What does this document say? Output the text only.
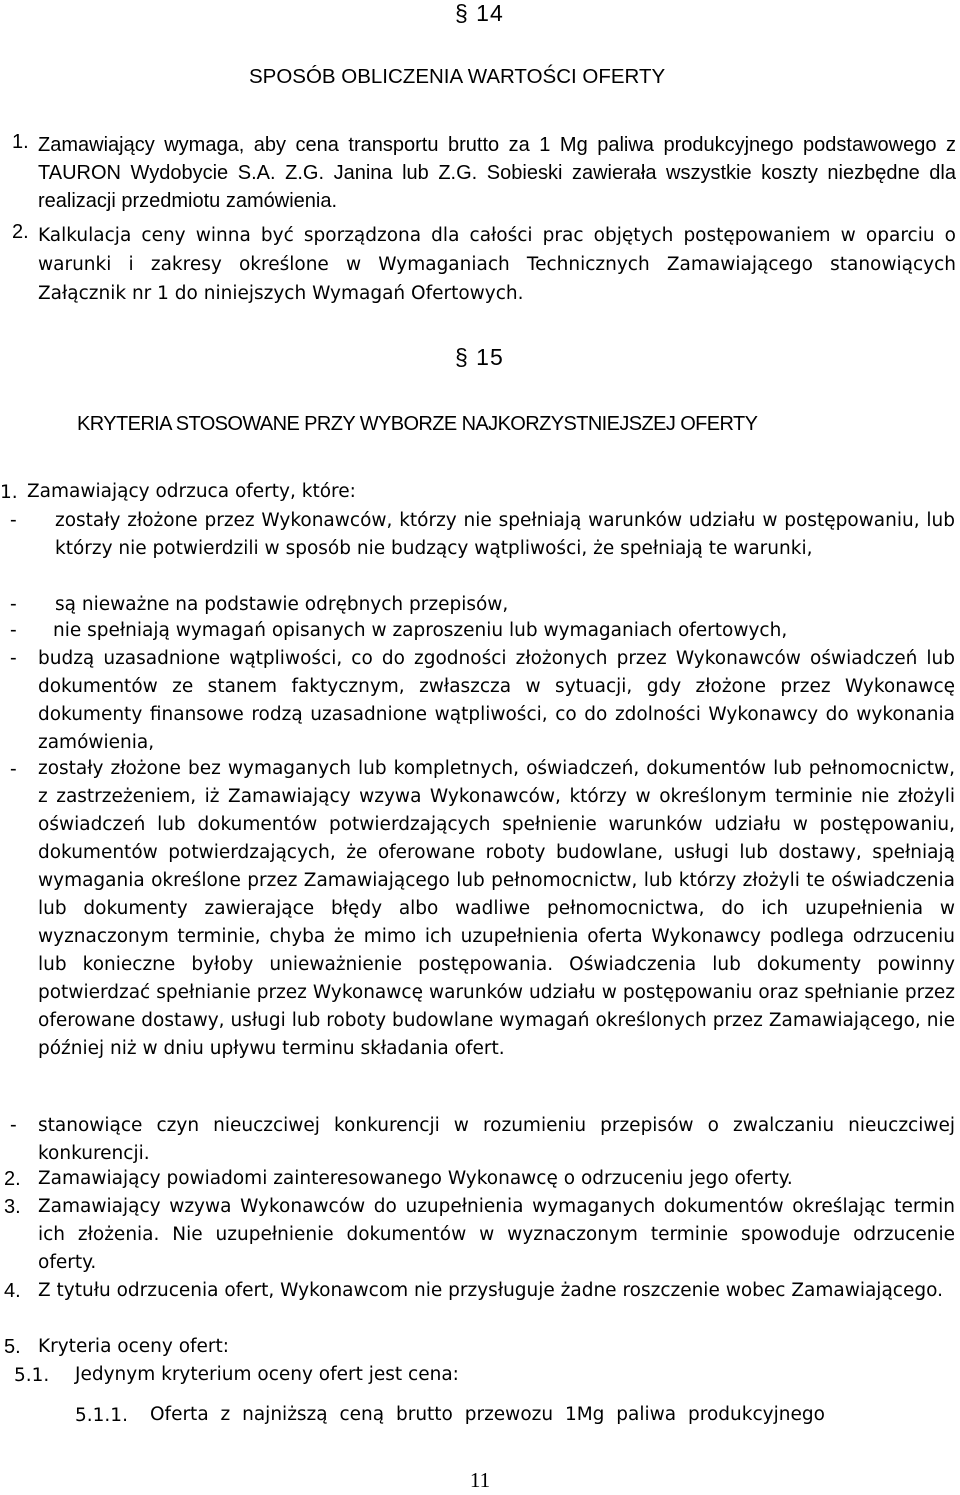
§ 14
SPOSÓB OBLICZENIA WARTOŚCI OFERTY
1. Zamawiający wymaga, aby cena transportu brutto za 1 Mg paliwa produkcyjnego podstawowego z TAURON Wydobycie S.A. Z.G. Janina lub Z.G. Sobieski zawierała wszystkie koszty niezbędne dla realizacji przedmiotu zamówienia.
2. Kalkulacja ceny winna być sporządzona dla całości prac objętych postępowaniem w oparciu o warunki i zakresy określone w Wymaganiach Technicznych Zamawiającego stanowiących Załącznik nr 1 do niniejszych Wymagań Ofertowych.
§ 15
KRYTERIA STOSOWANE PRZY WYBORZE NAJKORZYSTNIEJSZEJ OFERTY
1. Zamawiający odrzuca oferty, które:
- zostały złożone przez Wykonawców, którzy nie spełniają warunków udziału w postępowaniu, lub którzy nie potwierdzili w sposób nie budzący wątpliwości, że spełniają te warunki,
- są nieważne na podstawie odrębnych przepisów,
- nie spełniają wymagań opisanych w zaproszeniu lub wymaganiach ofertowych,
- budzą uzasadnione wątpliwości, co do zgodności złożonych przez Wykonawców oświadczeń lub dokumentów ze stanem faktycznym, zwłaszcza w sytuacji, gdy złożone przez Wykonawcę dokumenty finansowe rodzą uzasadnione wątpliwości, co do zdolności Wykonawcy do wykonania zamówienia,
- zostały złożone bez wymaganych lub kompletnych, oświadczeń, dokumentów lub pełnomocnictw, z zastrzeżeniem, iż Zamawiający wzywa Wykonawców, którzy w określonym terminie nie złożyli oświadczeń lub dokumentów potwierdzających spełnienie warunków udziału w postępowaniu, dokumentów potwierdzających, że oferowane roboty budowlane, usługi lub dostawy, spełniają wymagania określone przez Zamawiającego lub pełnomocnictw, lub którzy złożyli te oświadczenia lub dokumenty zawierające błędy albo wadliwe pełnomocnictwa, do ich uzupełnienia w wyznaczonym terminie, chyba że mimo ich uzupełnienia oferta Wykonawcy podlega odrzuceniu lub konieczne byłoby unieważnienie postępowania. Oświadczenia lub dokumenty powinny potwierdzać spełnianie przez Wykonawcę warunków udziału w postępowaniu oraz spełnianie przez oferowane dostawy, usługi lub roboty budowlane wymagań określonych przez Zamawiającego, nie później niż w dniu upływu terminu składania ofert.
- stanowiące czyn nieuczciwej konkurencji w rozumieniu przepisów o zwalczaniu nieuczciwej konkurencji.
2. Zamawiający powiadomi zainteresowanego Wykonawcę o odrzuceniu jego oferty.
3. Zamawiający wzywa Wykonawców do uzupełnienia wymaganych dokumentów określając termin ich złożenia. Nie uzupełnienie dokumentów w wyznaczonym terminie spowoduje odrzucenie oferty.
4. Z tytułu odrzucenia ofert, Wykonawcom nie przysługuje żadne roszczenie wobec Zamawiającego.
5. Kryteria oceny ofert:
5.1. Jedynym kryterium oceny ofert jest cena:
5.1.1. Oferta z najniższą ceną brutto przewozu 1Mg paliwa produkcyjnego
11
